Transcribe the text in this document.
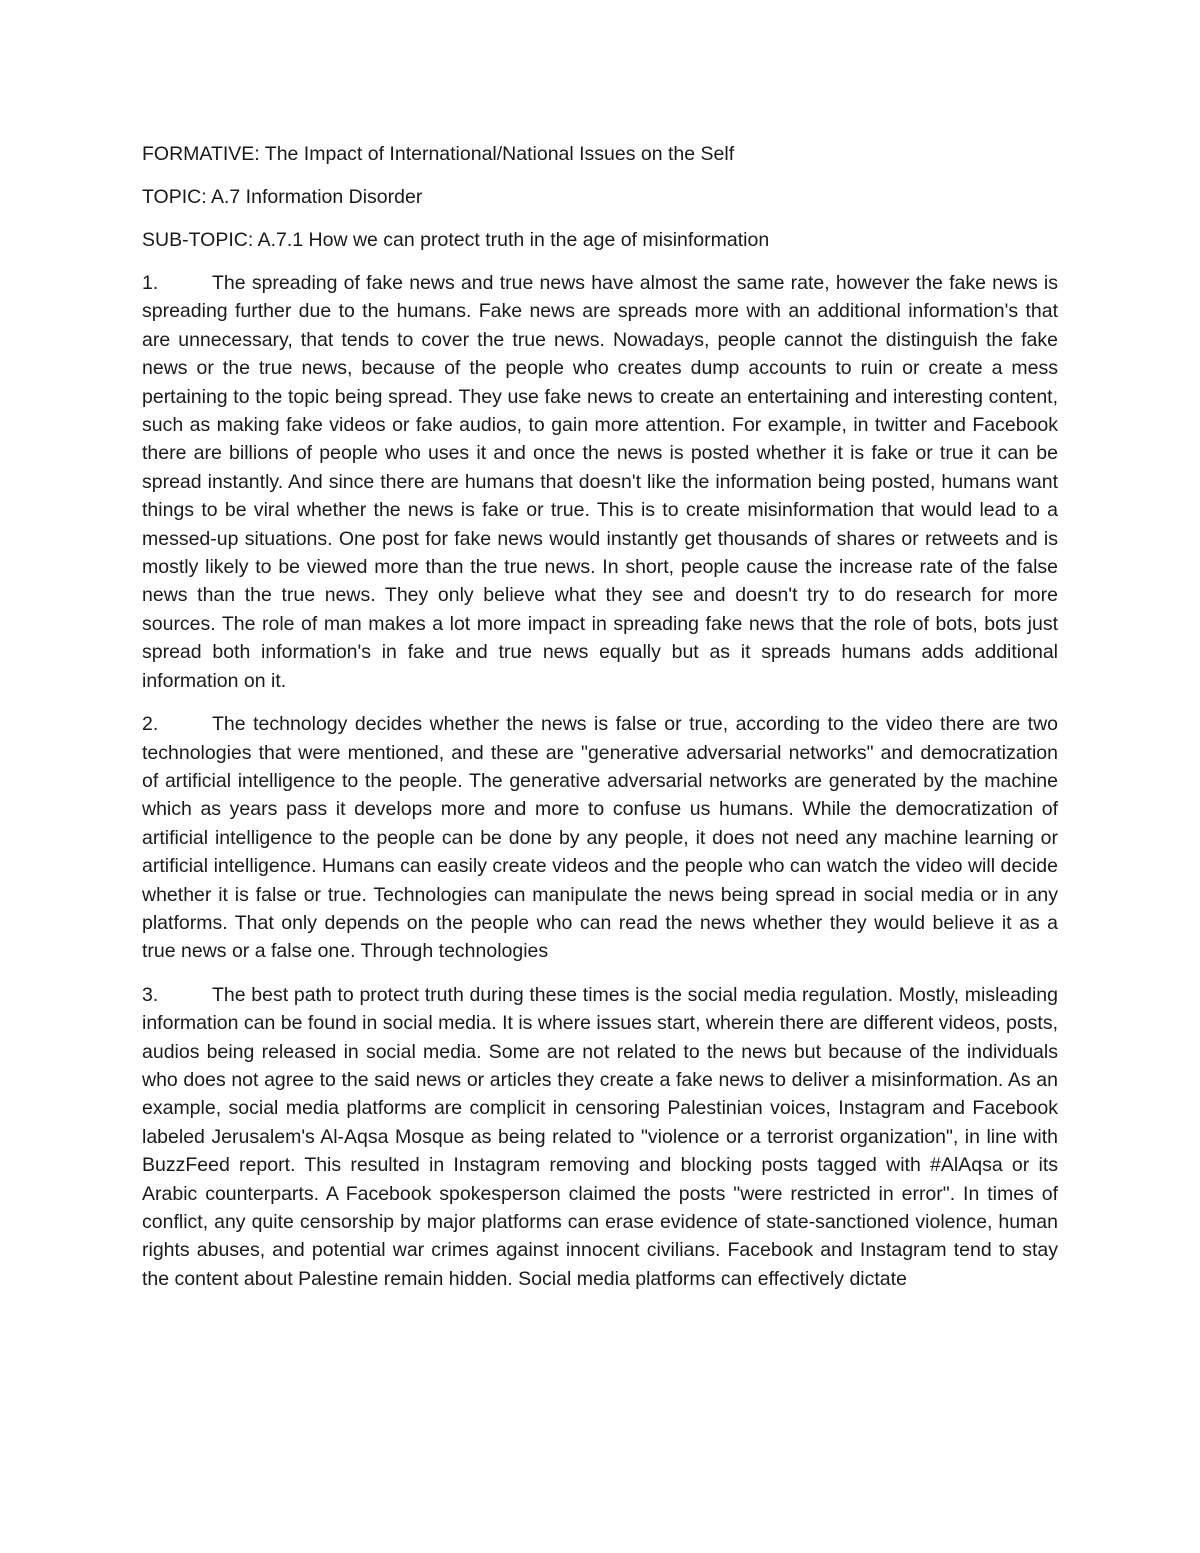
FORMATIVE: The Impact of International/National Issues on the Self

TOPIC: A.7 Information Disorder

SUB-TOPIC: A.7.1 How we can protect truth in the age of misinformation

1.	The spreading of fake news and true news have almost the same rate, however the fake news is spreading further due to the humans. Fake news are spreads more with an additional information's that are unnecessary, that tends to cover the true news. Nowadays, people cannot the distinguish the fake news or the true news, because of the people who creates dump accounts to ruin or create a mess pertaining to the topic being spread. They use fake news to create an entertaining and interesting content, such as making fake videos or fake audios, to gain more attention. For example, in twitter and Facebook there are billions of people who uses it and once the news is posted whether it is fake or true it can be spread instantly. And since there are humans that doesn't like the information being posted, humans want things to be viral whether the news is fake or true. This is to create misinformation that would lead to a messed-up situations. One post for fake news would instantly get thousands of shares or retweets and is mostly likely to be viewed more than the true news. In short, people cause the increase rate of the false news than the true news. They only believe what they see and doesn't try to do research for more sources. The role of man makes a lot more impact in spreading fake news that the role of bots, bots just spread both information's in fake and true news equally but as it spreads humans adds additional information on it.

2.	The technology decides whether the news is false or true, according to the video there are two technologies that were mentioned, and these are "generative adversarial networks" and democratization of artificial intelligence to the people. The generative adversarial networks are generated by the machine which as years pass it develops more and more to confuse us humans. While the democratization of artificial intelligence to the people can be done by any people, it does not need any machine learning or artificial intelligence. Humans can easily create videos and the people who can watch the video will decide whether it is false or true. Technologies can manipulate the news being spread in social media or in any platforms. That only depends on the people who can read the news whether they would believe it as a true news or a false one. Through technologies

3.	The best path to protect truth during these times is the social media regulation. Mostly, misleading information can be found in social media. It is where issues start, wherein there are different videos, posts, audios being released in social media. Some are not related to the news but because of the individuals who does not agree to the said news or articles they create a fake news to deliver a misinformation. As an example, social media platforms are complicit in censoring Palestinian voices, Instagram and Facebook labeled Jerusalem's Al-Aqsa Mosque as being related to "violence or a terrorist organization", in line with BuzzFeed report. This resulted in Instagram removing and blocking posts tagged with #AlAqsa or its Arabic counterparts. A Facebook spokesperson claimed the posts "were restricted in error". In times of conflict, any quite censorship by major platforms can erase evidence of state-sanctioned violence, human rights abuses, and potential war crimes against innocent civilians. Facebook and Instagram tend to stay the content about Palestine remain hidden. Social media platforms can effectively dictate
